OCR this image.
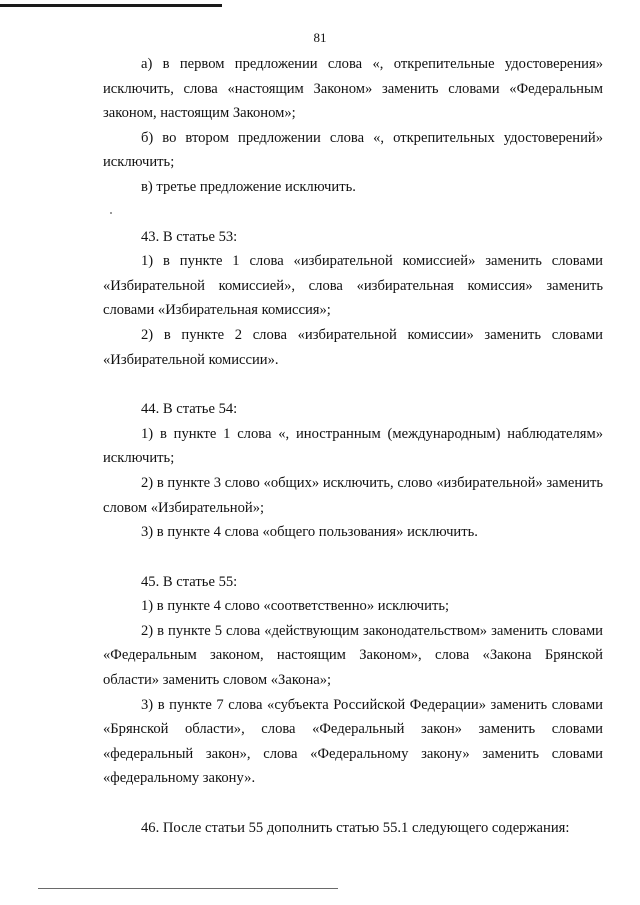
81

а) в первом предложении слова «, открепительные удостоверения» исключить, слова «настоящим Законом» заменить словами «Федеральным законом, настоящим Законом»;

б) во втором предложении слова «, открепительных удостоверений» исключить;

в) третье предложение исключить.

43. В статье 53:

1) в пункте 1 слова «избирательной комиссией» заменить словами «Избирательной комиссией», слова «избирательная комиссия» заменить словами «Избирательная комиссия»;

2) в пункте 2 слова «избирательной комиссии» заменить словами «Избирательной комиссии».

44. В статье 54:

1) в пункте 1 слова «, иностранным (международным) наблюдателям» исключить;

2) в пункте 3 слово «общих» исключить, слово «избирательной» заменить словом «Избирательной»;

3) в пункте 4 слова «общего пользования» исключить.

45. В статье 55:

1) в пункте 4 слово «соответственно» исключить;

2) в пункте 5 слова «действующим законодательством» заменить словами «Федеральным законом, настоящим Законом», слова «Закона Брянской области» заменить словом «Закона»;

3) в пункте 7 слова «субъекта Российской Федерации» заменить словами «Брянской области», слова «Федеральный закон» заменить словами «федеральный закон», слова «Федеральному закону» заменить словами «федеральному закону».

46. После статьи 55 дополнить статью 55.1 следующего содержания:
